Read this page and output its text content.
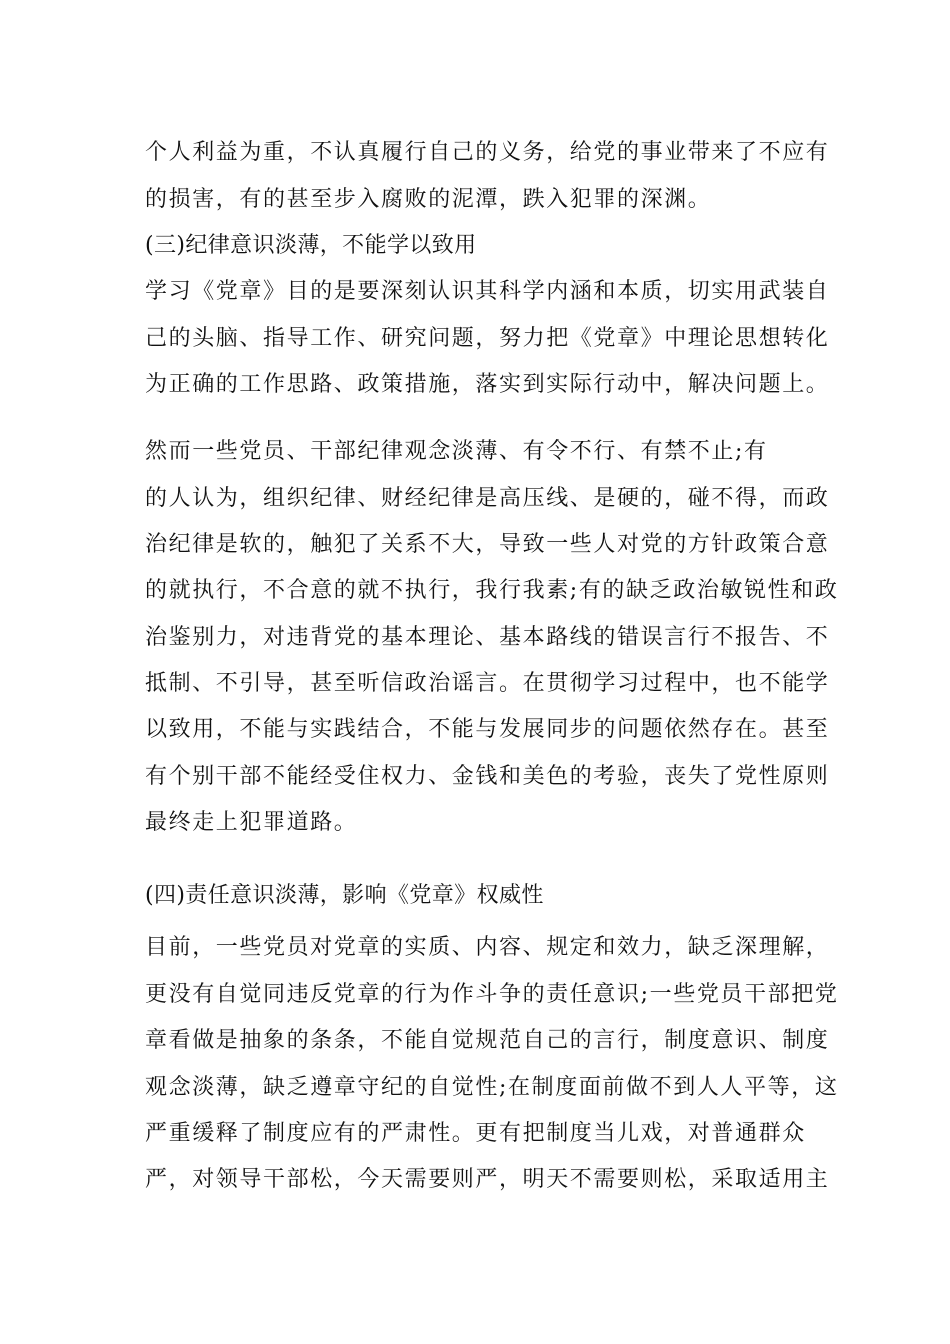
个人利益为重，不认真履行自己的义务，给党的事业带来了不应有
的损害，有的甚至步入腐败的泥潭，跌入犯罪的深渊。
(三)纪律意识淡薄，不能学以致用
学习《党章》目的是要深刻认识其科学内涵和本质，切实用武装自
己的头脑、指导工作、研究问题，努力把《党章》中理论思想转化
为正确的工作思路、政策措施，落实到实际行动中，解决问题上。
然而一些党员、干部纪律观念淡薄、有令不行、有禁不止;有
的人认为，组织纪律、财经纪律是高压线、是硬的，碰不得，而政
治纪律是软的，触犯了关系不大，导致一些人对党的方针政策合意
的就执行，不合意的就不执行，我行我素;有的缺乏政治敏锐性和政
治鉴别力，对违背党的基本理论、基本路线的错误言行不报告、不
抵制、不引导，甚至听信政治谣言。在贯彻学习过程中，也不能学
以致用，不能与实践结合，不能与发展同步的问题依然存在。甚至
有个别干部不能经受住权力、金钱和美色的考验，丧失了党性原则
最终走上犯罪道路。
(四)责任意识淡薄，影响《党章》权威性
目前，一些党员对党章的实质、内容、规定和效力，缺乏深理解，
更没有自觉同违反党章的行为作斗争的责任意识;一些党员干部把党
章看做是抽象的条条，不能自觉规范自己的言行，制度意识、制度
观念淡薄，缺乏遵章守纪的自觉性;在制度面前做不到人人平等，这
严重缓释了制度应有的严肃性。更有把制度当儿戏，对普通群众
严，对领导干部松，今天需要则严，明天不需要则松，采取适用主
